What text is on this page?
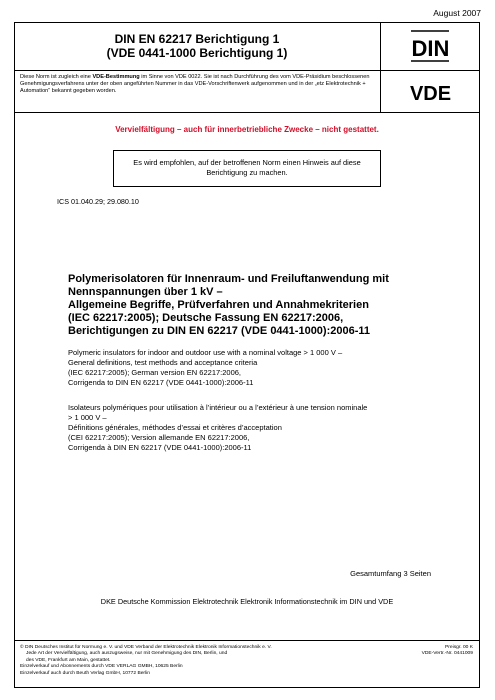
August 2007
DIN EN 62217 Berichtigung 1
(VDE 0441-1000 Berichtigung 1)	DIN
VDE
Diese Norm ist zugleich eine VDE-Bestimmung im Sinne von VDE 0022. Sie ist nach Durchführung des vom VDE-Präsidium beschlossenen Genehmigungsverfahrens unter der oben angeführten Nummer in das VDE-Vorschriftenwerk aufgenommen und in der „etz Elektrotechnik + Automation“ bekannt gegeben worden.
Vervielfältigung – auch für innerbetriebliche Zwecke – nicht gestattet.
Es wird empfohlen, auf der betroffenen Norm einen Hinweis auf diese
Berichtigung zu machen.
ICS 01.040.29; 29.080.10
Polymerisolatoren für Innenraum- und Freiluftanwendung mit
Nennspannungen über 1 kV –
Allgemeine Begriffe, Prüfverfahren und Annahmekriterien
(IEC 62217:2005); Deutsche Fassung EN 62217:2006,
Berichtigungen zu DIN EN 62217 (VDE 0441-1000):2006-11
Polymeric insulators for indoor and outdoor use with a nominal voltage > 1 000 V –
General definitions, test methods and acceptance criteria
(IEC 62217:2005); German version EN 62217:2006,
Corrigenda to DIN EN 62217 (VDE 0441-1000):2006-11
Isolateurs polymériques pour utilisation à l’intérieur ou a l’extérieur à une tension nominale
> 1 000 V –
Définitions générales, méthodes d’essai et critères d’acceptation
(CEI 62217:2005); Version allemande EN 62217:2006,
Corrigenda à DIN EN 62217 (VDE 0441-1000):2006-11
Gesamtumfang 3 Seiten
DKE Deutsche Kommission Elektrotechnik Elektronik Informationstechnik im DIN und VDE
© DIN Deutsches Institut für Normung e. V. und VDE Verband der Elektrotechnik Elektronik Informationstechnik e. V.
Jede Art der Vervielfältigung, auch auszugsweise, nur mit Genehmigung des DIN, Berlin, und
des VDE, Frankfurt am Main, gestattet.
Einzelverkauf und Abonnements durch VDE VERLAG GMBH, 10625 Berlin
Einzelverkauf auch durch Beuth Verlag GmbH, 10772 Berlin
Preisgr. 00 K
VDE-Vertr.-Nr. 0441009
